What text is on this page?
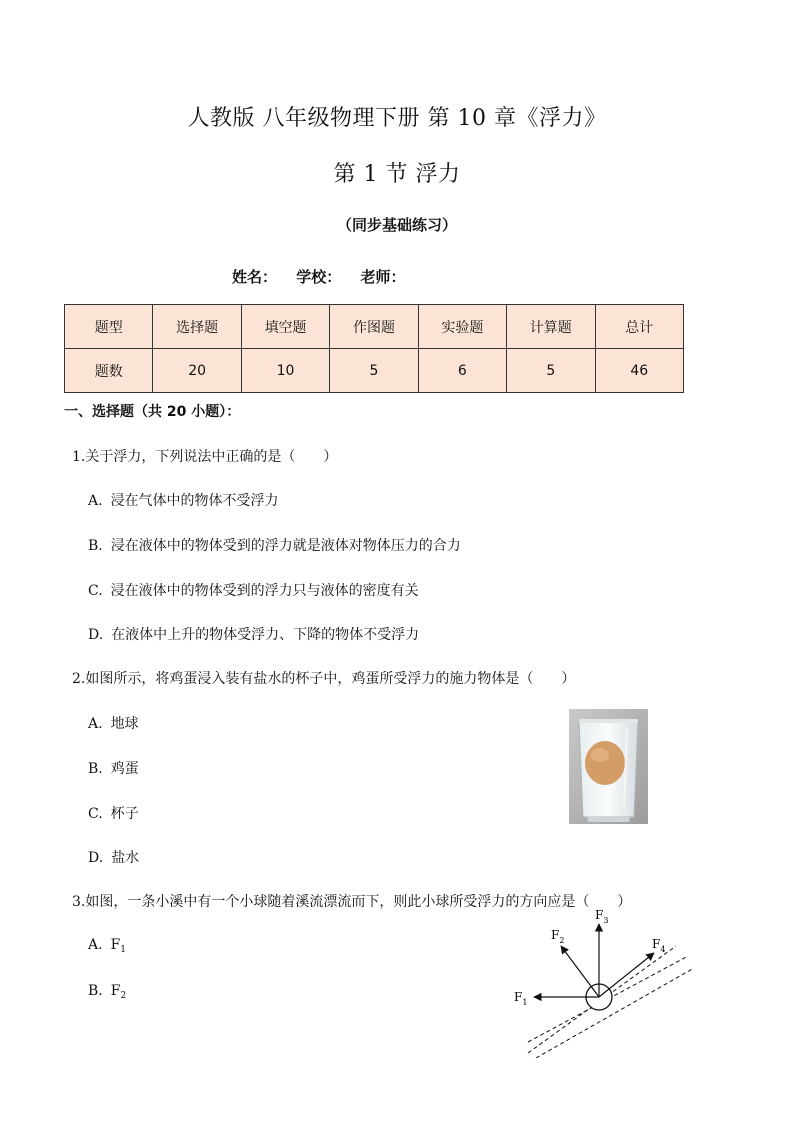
人教版 八年级物理下册 第 10 章《浮力》
第 1 节 浮力
（同步基础练习）
姓名： 学校： 老师：
题型	选择题	填空题	作图题	实验题	计算题	总计
题数	20	10	5	6	5	46
一、选择题（共 20 小题）：
1.关于浮力，下列说法中正确的是（　　）
A. 浸在气体中的物体不受浮力
B. 浸在液体中的物体受到的浮力就是液体对物体压力的合力
C. 浸在液体中的物体受到的浮力只与液体的密度有关
D. 在液体中上升的物体受浮力、下降的物体不受浮力
2.如图所示，将鸡蛋浸入装有盐水的杯子中，鸡蛋所受浮力的施力物体是（　　）
A. 地球
B. 鸡蛋
C. 杯子
D. 盐水
3.如图，一条小溪中有一个小球随着溪流漂流而下，则此小球所受浮力的方向应是（　　）
A. $F_1$
B. $F_2$	$F_1$
$F_2$
$F_3$
$F_4$
